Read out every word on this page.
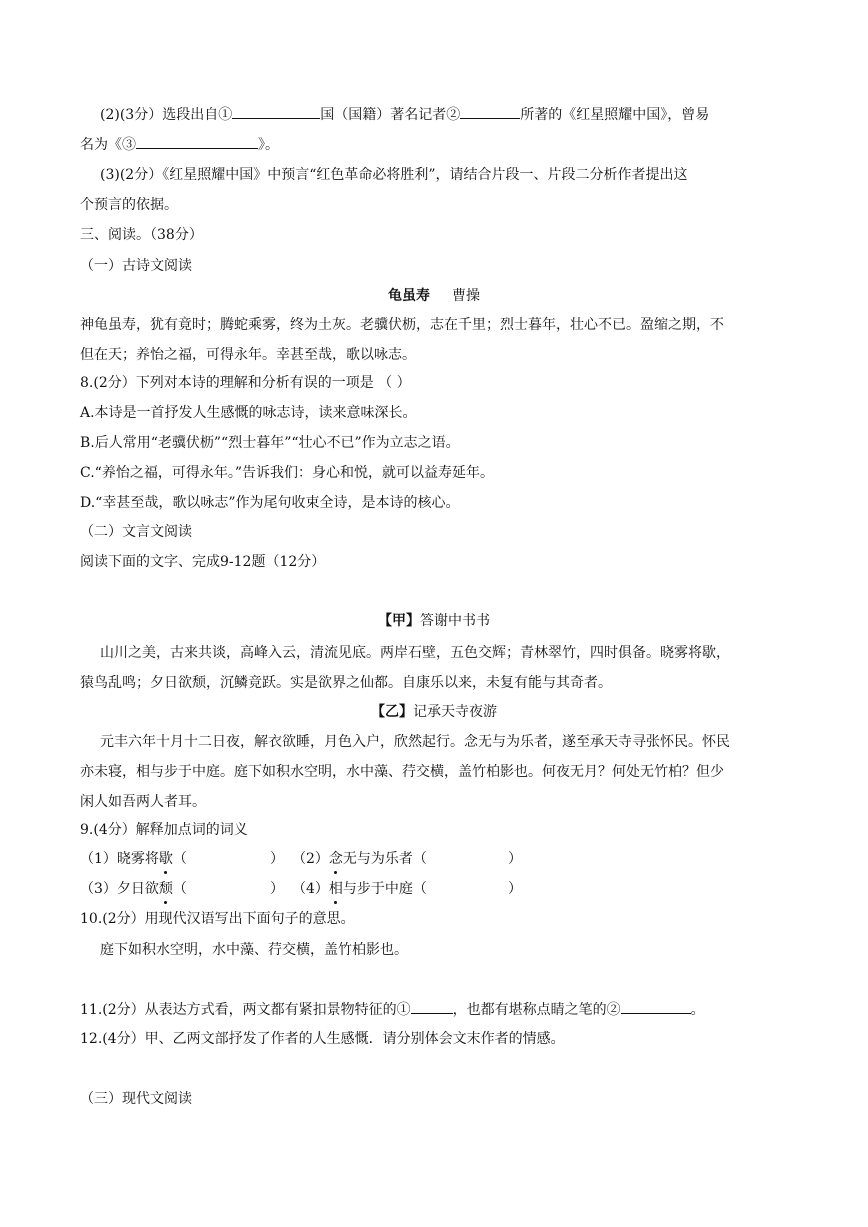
(2)(3分）选段出自①	国（国籍）著名记者②	所著的《红星照耀中国》，曾易
名为《③	》。
(3)(2分）《红星照耀中国》中预言“红色革命必将胜利”，请结合片段一、片段二分析作者提出这
个预言的依据。
三、阅读。（38分）
（一）古诗文阅读
龟虽寿 曹操
神龟虽寿，犹有竟时；腾蛇乘雾，终为土灰。老骥伏枥，志在千里；烈士暮年，壮心不已。盈缩之期，不
但在天；养怡之福，可得永年。幸甚至哉，歌以咏志。
8.(2分）下列对本诗的理解和分析有误的一项是 （ ）
A.本诗是一首抒发人生感慨的咏志诗，读来意味深长。
B.后人常用“老骥伏枥”“烈士暮年”“壮心不已”作为立志之语。
C.“养怡之福，可得永年。”告诉我们：身心和悦，就可以益寿延年。
D.“幸甚至哉，歌以咏志”作为尾句收束全诗，是本诗的核心。
（二）文言文阅读
阅读下面的文字、完成9-12题（12分）
【甲】答谢中书书
山川之美，古来共谈，高峰入云，清流见底。两岸石壁，五色交辉；青林翠竹，四时俱备。晓雾将歇，
猿鸟乱鸣；夕日欲颓，沉鳞竞跃。实是欲界之仙都。自康乐以来，未复有能与其奇者。
【乙】记承天寺夜游
元丰六年十月十二日夜，解衣欲睡，月色入户，欣然起行。念无与为乐者，遂至承天寺寻张怀民。怀民
亦未寝，相与步于中庭。庭下如积水空明，水中藻、荇交横，盖竹柏影也。何夜无月？何处无竹柏？但少
闲人如吾两人者耳。
9.(4分）解释加点词的词义
（1）晓雾将歇（	） （2）念无与为乐者（	）
（3）夕日欲颓（	） （4）相与步于中庭（	）
10.(2分）用现代汉语写出下面句子的意思。
庭下如积水空明，水中藻、荇交横，盖竹柏影也。
11.(2分）从表达方式看，两文都有紧扣景物特征的①	，也都有堪称点睛之笔的②	。
12.(4分）甲、乙两文部抒发了作者的人生感慨．请分别体会文末作者的情感。
（三）现代文阅读
